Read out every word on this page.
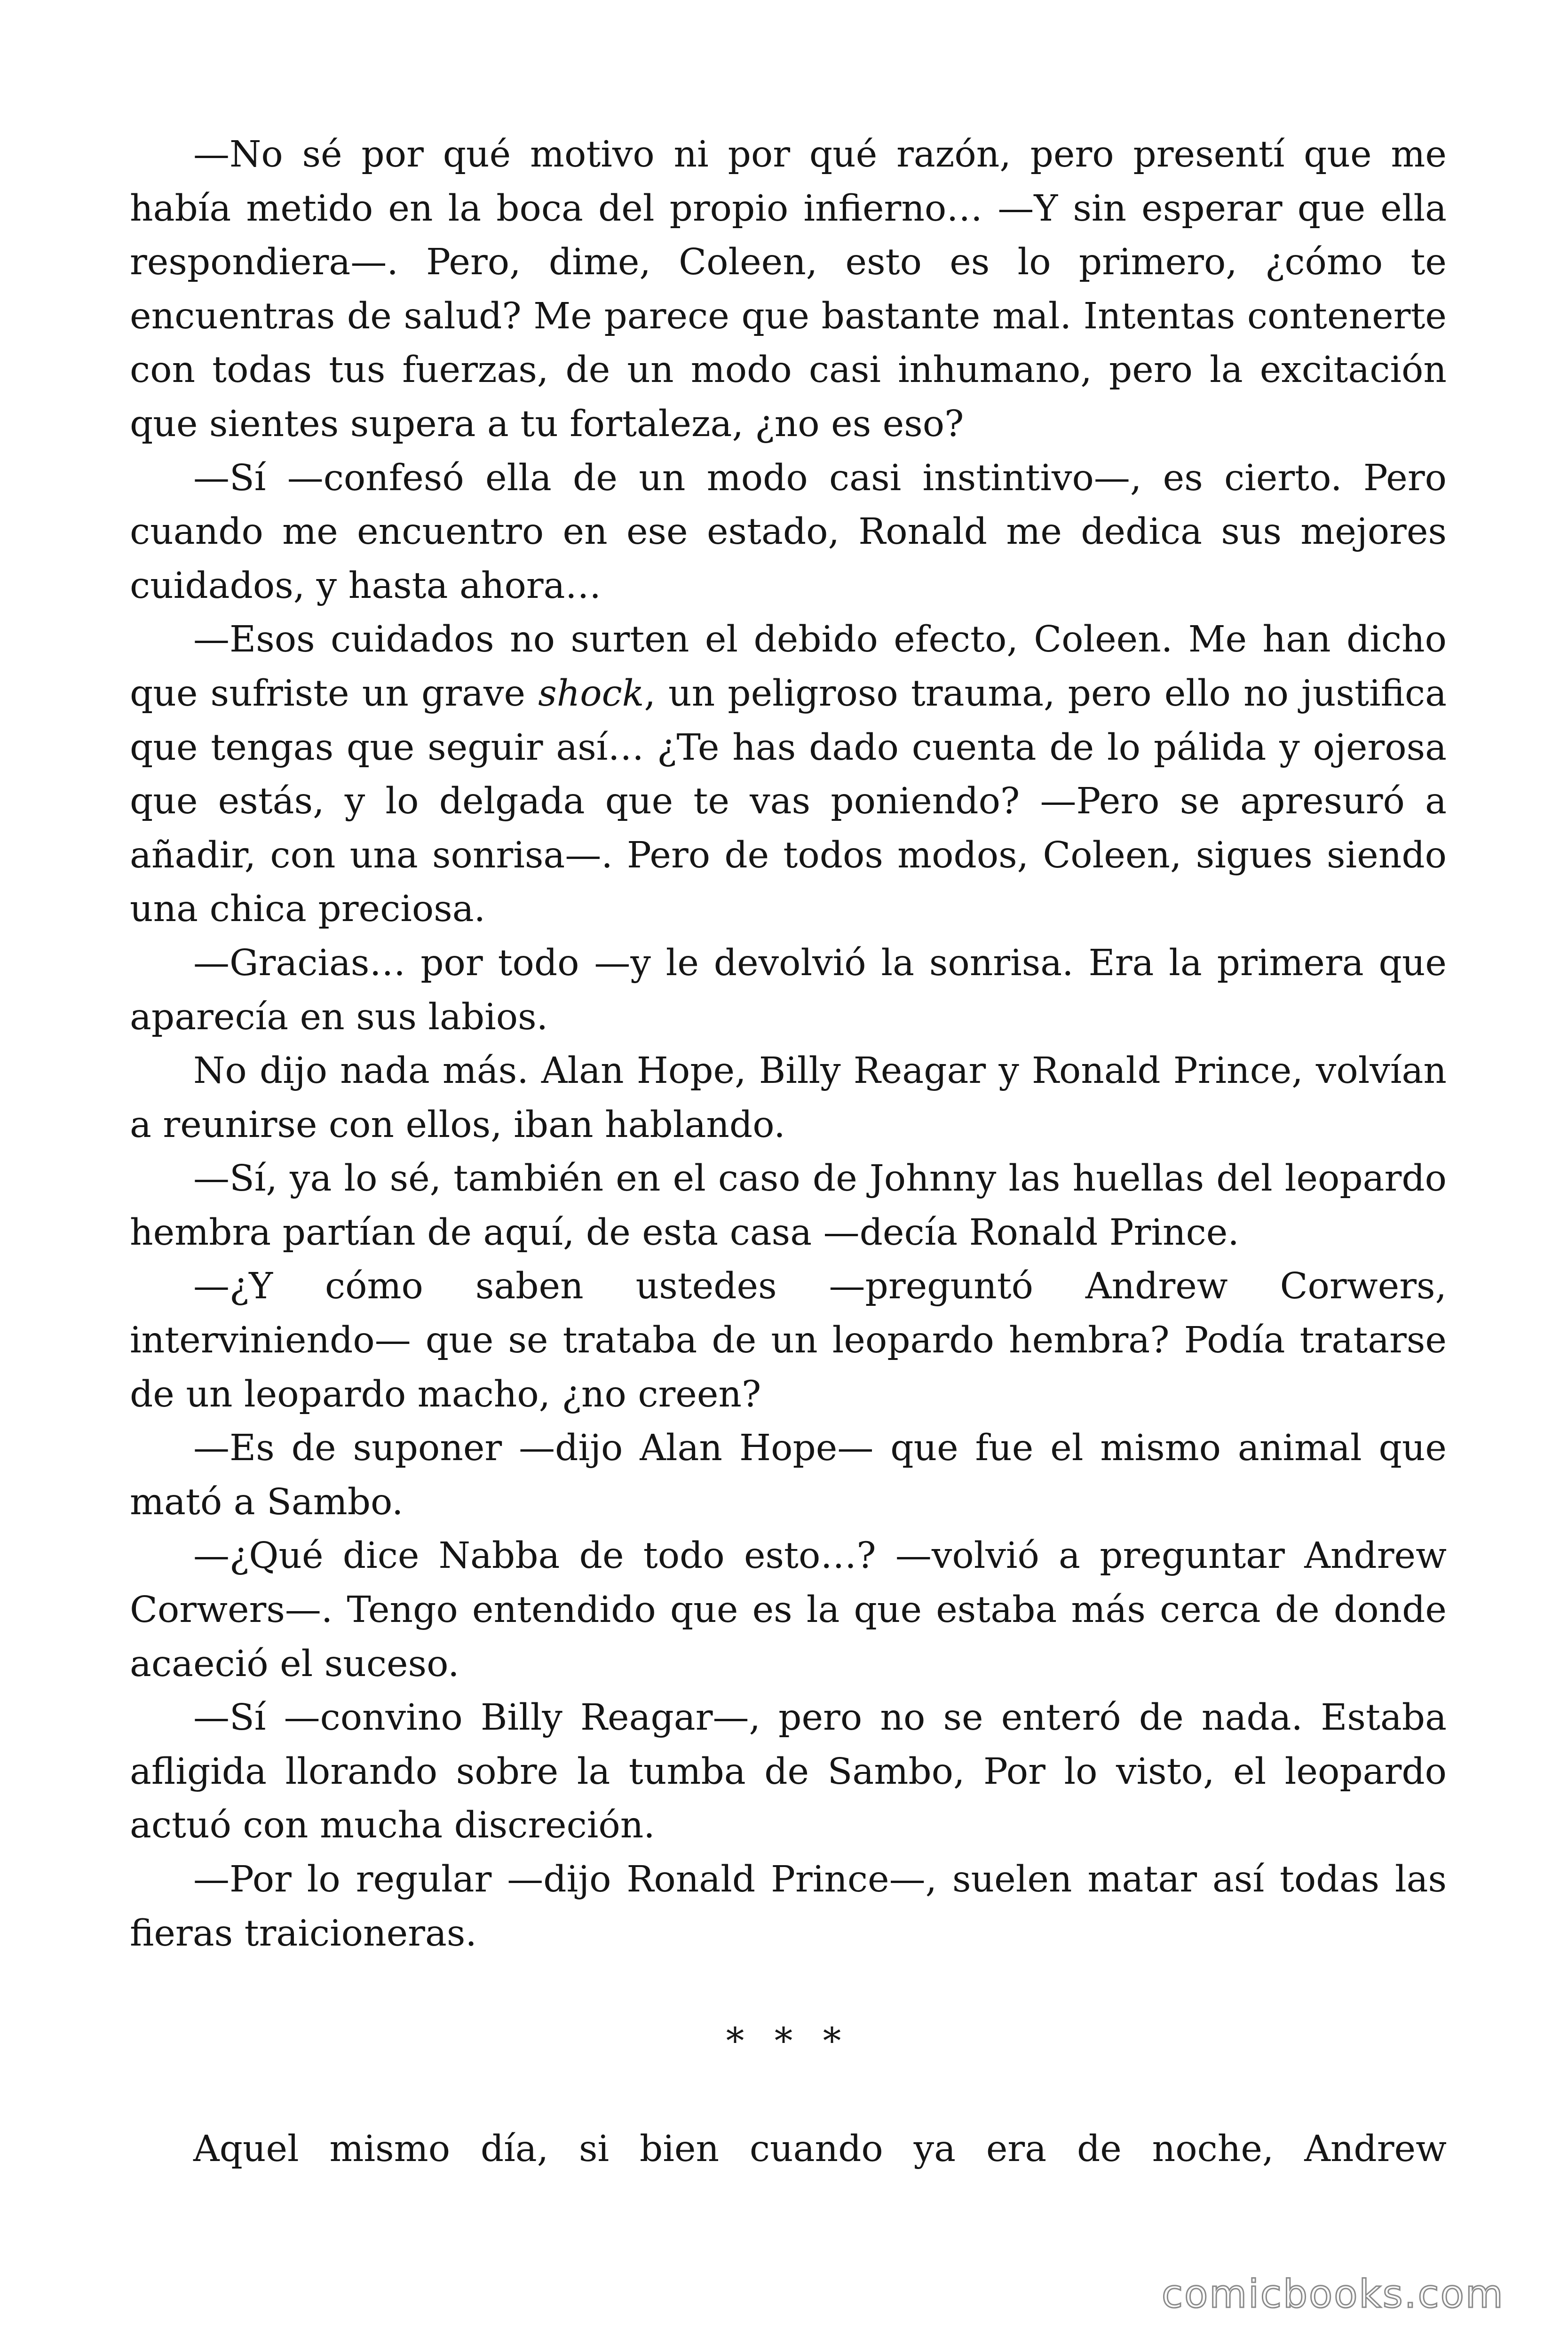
—No sé por qué motivo ni por qué razón, pero presentí que me había metido en la boca del propio infierno… —Y sin esperar que ella respondiera—. Pero, dime, Coleen, esto es lo primero, ¿cómo te encuentras de salud? Me parece que bastante mal. Intentas contenerte con todas tus fuerzas, de un modo casi inhumano, pero la excitación que sientes supera a tu fortaleza, ¿no es eso?

—Sí —confesó ella de un modo casi instintivo—, es cierto. Pero cuando me encuentro en ese estado, Ronald me dedica sus mejores cuidados, y hasta ahora…

—Esos cuidados no surten el debido efecto, Coleen. Me han dicho que sufriste un grave shock, un peligroso trauma, pero ello no justifica que tengas que seguir así… ¿Te has dado cuenta de lo pálida y ojerosa que estás, y lo delgada que te vas poniendo? —Pero se apresuró a añadir, con una sonrisa—. Pero de todos modos, Coleen, sigues siendo una chica preciosa.

—Gracias… por todo —y le devolvió la sonrisa. Era la primera que aparecía en sus labios.

No dijo nada más. Alan Hope, Billy Reagar y Ronald Prince, volvían a reunirse con ellos, iban hablando.

—Sí, ya lo sé, también en el caso de Johnny las huellas del leopardo hembra partían de aquí, de esta casa —decía Ronald Prince.

—¿Y cómo saben ustedes —preguntó Andrew Corwers, interviniendo— que se trataba de un leopardo hembra? Podía tratarse de un leopardo macho, ¿no creen?

—Es de suponer —dijo Alan Hope— que fue el mismo animal que mató a Sambo.

—¿Qué dice Nabba de todo esto…? —volvió a preguntar Andrew Corwers—. Tengo entendido que es la que estaba más cerca de donde acaeció el suceso.

—Sí —convino Billy Reagar—, pero no se enteró de nada. Estaba afligida llorando sobre la tumba de Sambo, Por lo visto, el leopardo actuó con mucha discreción.

—Por lo regular —dijo Ronald Prince—, suelen matar así todas las fieras traicioneras.

* * *

Aquel mismo día, si bien cuando ya era de noche, Andrew

comicbooks.com
